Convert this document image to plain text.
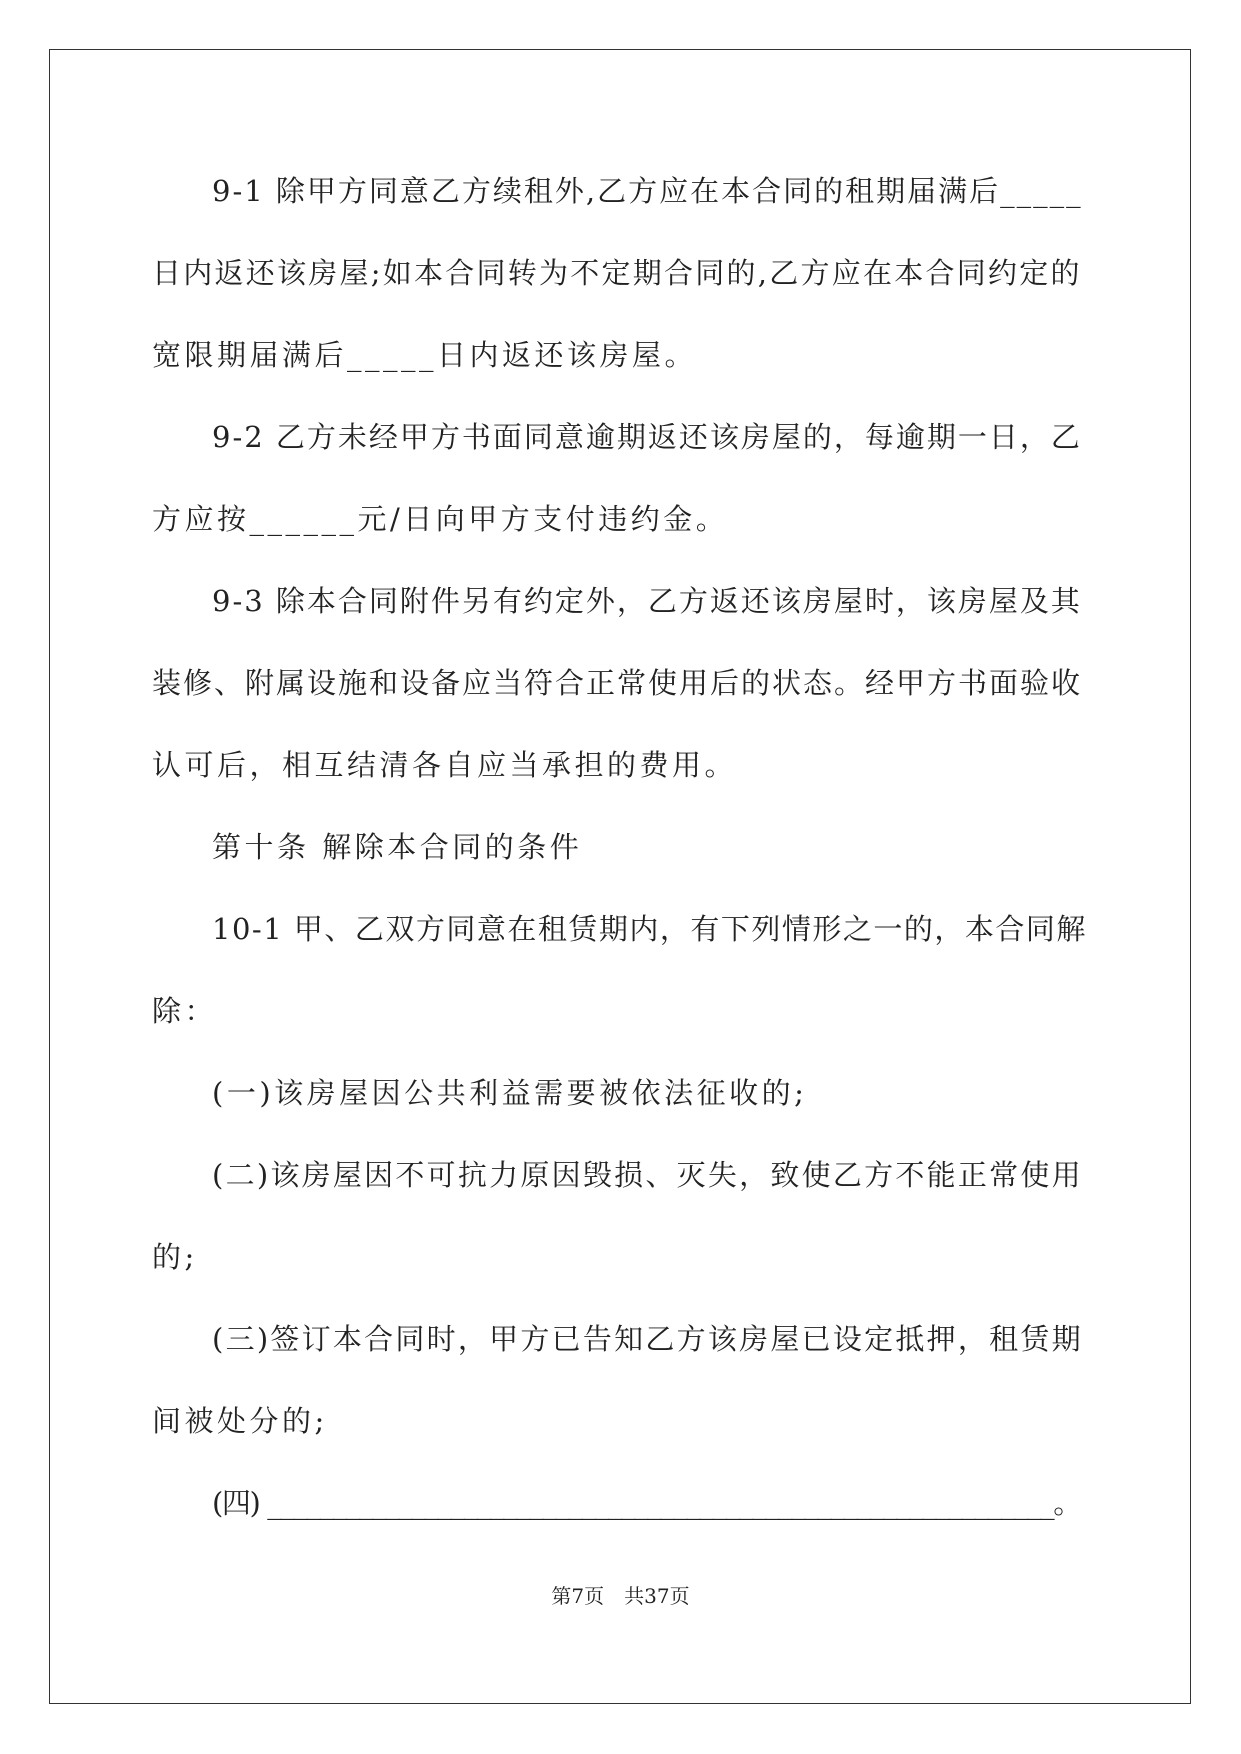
9-1 除甲方同意乙方续租外,乙方应在本合同的租期届满后_____

日内返还该房屋;如本合同转为不定期合同的,乙方应在本合同约定的

宽限期届满后_____日内返还该房屋。

9-2 乙方未经甲方书面同意逾期返还该房屋的，每逾期一日，乙

方应按______元/日向甲方支付违约金。

9-3 除本合同附件另有约定外，乙方返还该房屋时，该房屋及其

装修、附属设施和设备应当符合正常使用后的状态。经甲方书面验收

认可后，相互结清各自应当承担的费用。

第十条 解除本合同的条件

10-1 甲、乙双方同意在租赁期内，有下列情形之一的，本合同解

除：

(一)该房屋因公共利益需要被依法征收的;

(二)该房屋因不可抗力原因毁损、灭失，致使乙方不能正常使用

的;

(三)签订本合同时，甲方已告知乙方该房屋已设定抵押，租赁期

间被处分的;

(四) ____________________________________________________________。

第7页　共37页
